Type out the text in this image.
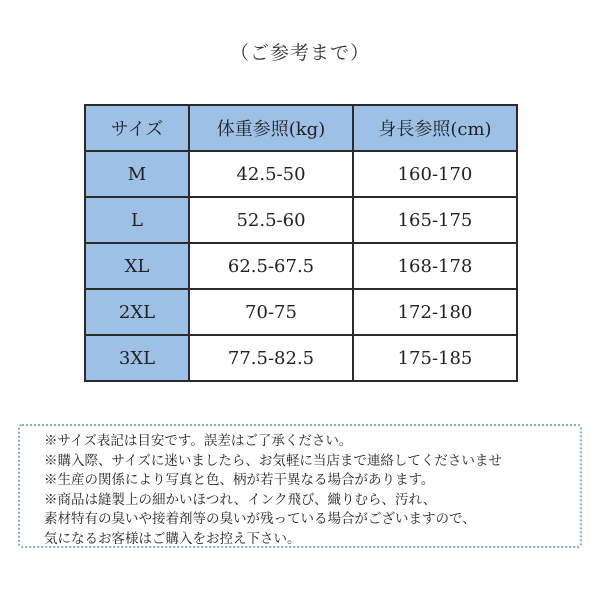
（ご参考まで）
サイズ	体重参照(kg)	身長参照(cm)
M	42.5-50	160-170
L	52.5-60	165-175
XL	62.5-67.5	168-178
2XL	70-75	172-180
3XL	77.5-82.5	175-185
※サイズ表記は目安です。誤差はご了承ください。
※購入際、サイズに迷いましたら、お気軽に当店まで連絡してくださいませ
※生産の関係により写真と色、柄が若干異なる場合があります。
※商品は縫製上の細かいほつれ、インク飛び、織りむら、汚れ、
素材特有の臭いや接着剤等の臭いが残っている場合がございますので、
気になるお客様はご購入をお控え下さい。
